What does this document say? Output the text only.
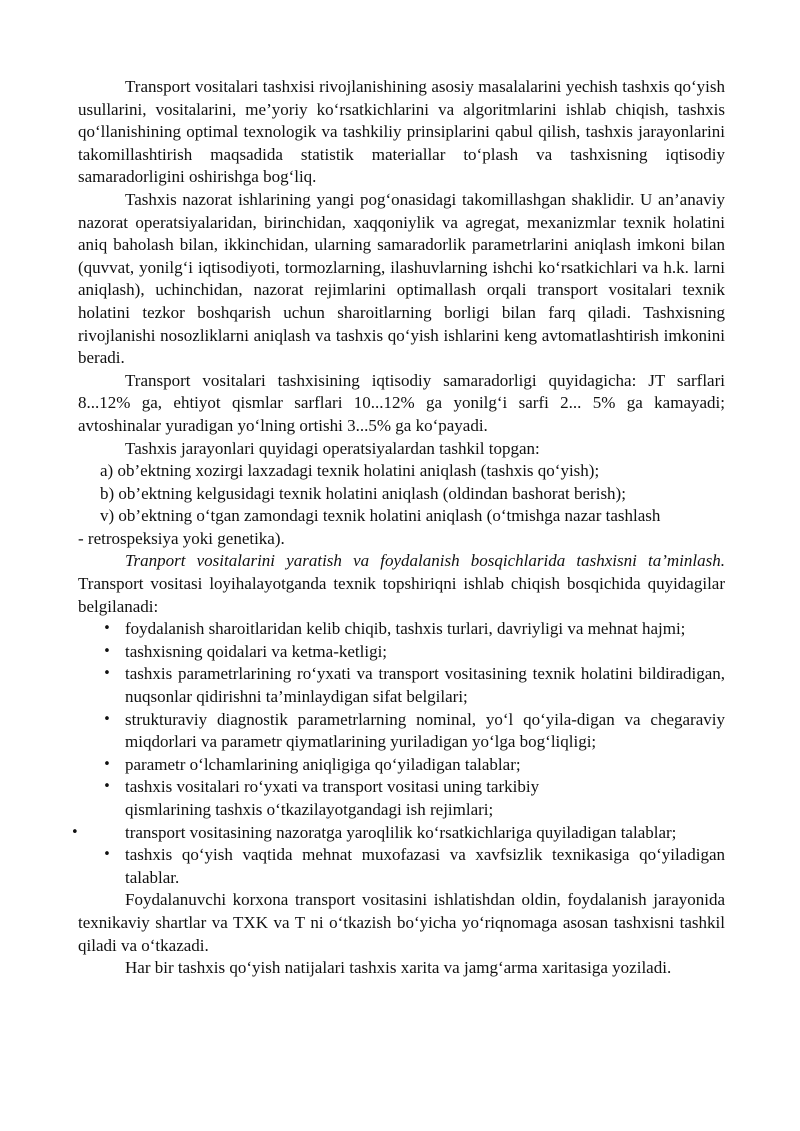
Transport vositalari tashxisi rivojlanishining asosiy masalalarini yechish tashxis qo‘yish usullarini, vositalarini, me’yoriy ko‘rsatkichlarini va algoritmlarini ishlab chiqish, tashxis qo‘llanishining optimal texnologik va tashkiliy prinsiplarini qabul qilish, tashxis jarayonlarini takomillashtirish maqsadida statistik materiallar to‘plash va tashxisning iqtisodiy samaradorligini oshirishga bog‘liq.

Tashxis nazorat ishlarining yangi pog‘onasidagi takomillashgan shaklidir. U an’anaviy nazorat operatsiyalaridan, birinchidan, xaqqoniylik va agregat, mexanizmlar texnik holatini aniq baholash bilan, ikkinchidan, ularning samaradorlik parametrlarini aniqlash imkoni bilan (quvvat, yonilg‘i iqtisodiyoti, tormozlarning, ilashuvlarning ishchi ko‘rsatkichlari va h.k. larni aniqlash), uchinchidan, nazorat rejimlarini optimallash orqali transport vositalari texnik holatini tezkor boshqarish uchun sharoitlarning borligi bilan farq qiladi. Tashxisning rivojlanishi nosozliklarni aniqlash va tashxis qo‘yish ishlarini keng avtomatlashtirish imkonini beradi.

Transport vositalari tashxisining iqtisodiy samaradorligi quyidagicha: JT sarflari 8...12% ga, ehtiyot qismlar sarflari 10...12% ga yonilg‘i sarfi 2... 5% ga kamayadi; avtoshinalar yuradigan yo‘lning ortishi 3...5% ga ko‘payadi.

Tashxis jarayonlari quyidagi operatsiyalardan tashkil topgan:

a) ob’ektning xozirgi laxzadagi texnik holatini aniqlash (tashxis qo‘yish);

b) ob’ektning kelgusidagi texnik holatini aniqlash (oldindan bashorat berish);

v) ob’ektning o‘tgan zamondagi texnik holatini aniqlash (o‘tmishga nazar tashlash

- retrospeksiya yoki genetika).

Tranport vositalarini yaratish va foydalanish bosqichlarida tashxisni ta’minlash. Transport vositasi loyihalayotganda texnik topshiriqni ishlab chiqish bosqichida quyidagilar belgilanadi:

• foydalanish sharoitlaridan kelib chiqib, tashxis turlari, davriyligi va mehnat hajmi;
• tashxisning qoidalari va ketma-ketligi;
• tashxis parametrlarining ro‘yxati va transport vositasining texnik holatini bildiradigan, nuqsonlar qidirishni ta’minlaydigan sifat belgilari;
• strukturaviy diagnostik parametrlarning nominal, yo‘l qo‘yila-digan va chegaraviy miqdorlari va parametr qiymatlarining yuriladigan yo‘lga bog‘liqligi;
• parametr o‘lchamlarining aniqligiga qo‘yiladigan talablar;
• tashxis vositalari ro‘yxati va transport vositasi uning tarkibiy
qismlarining tashxis o‘tkazilayotgandagi ish rejimlari;

•	transport vositasining nazoratga yaroqlilik ko‘rsatkichlariga quyiladigan talablar;

• tashxis qo‘yish vaqtida mehnat muxofazasi va xavfsizlik texnikasiga qo‘yiladigan talablar.

Foydalanuvchi korxona transport vositasini ishlatishdan oldin, foydalanish jarayonida texnikaviy shartlar va TXK va T ni o‘tkazish bo‘yicha yo‘riqnomaga asosan tashxisni tashkil qiladi va o‘tkazadi.

Har bir tashxis qo‘yish natijalari tashxis xarita va jamg‘arma xaritasiga yoziladi.
